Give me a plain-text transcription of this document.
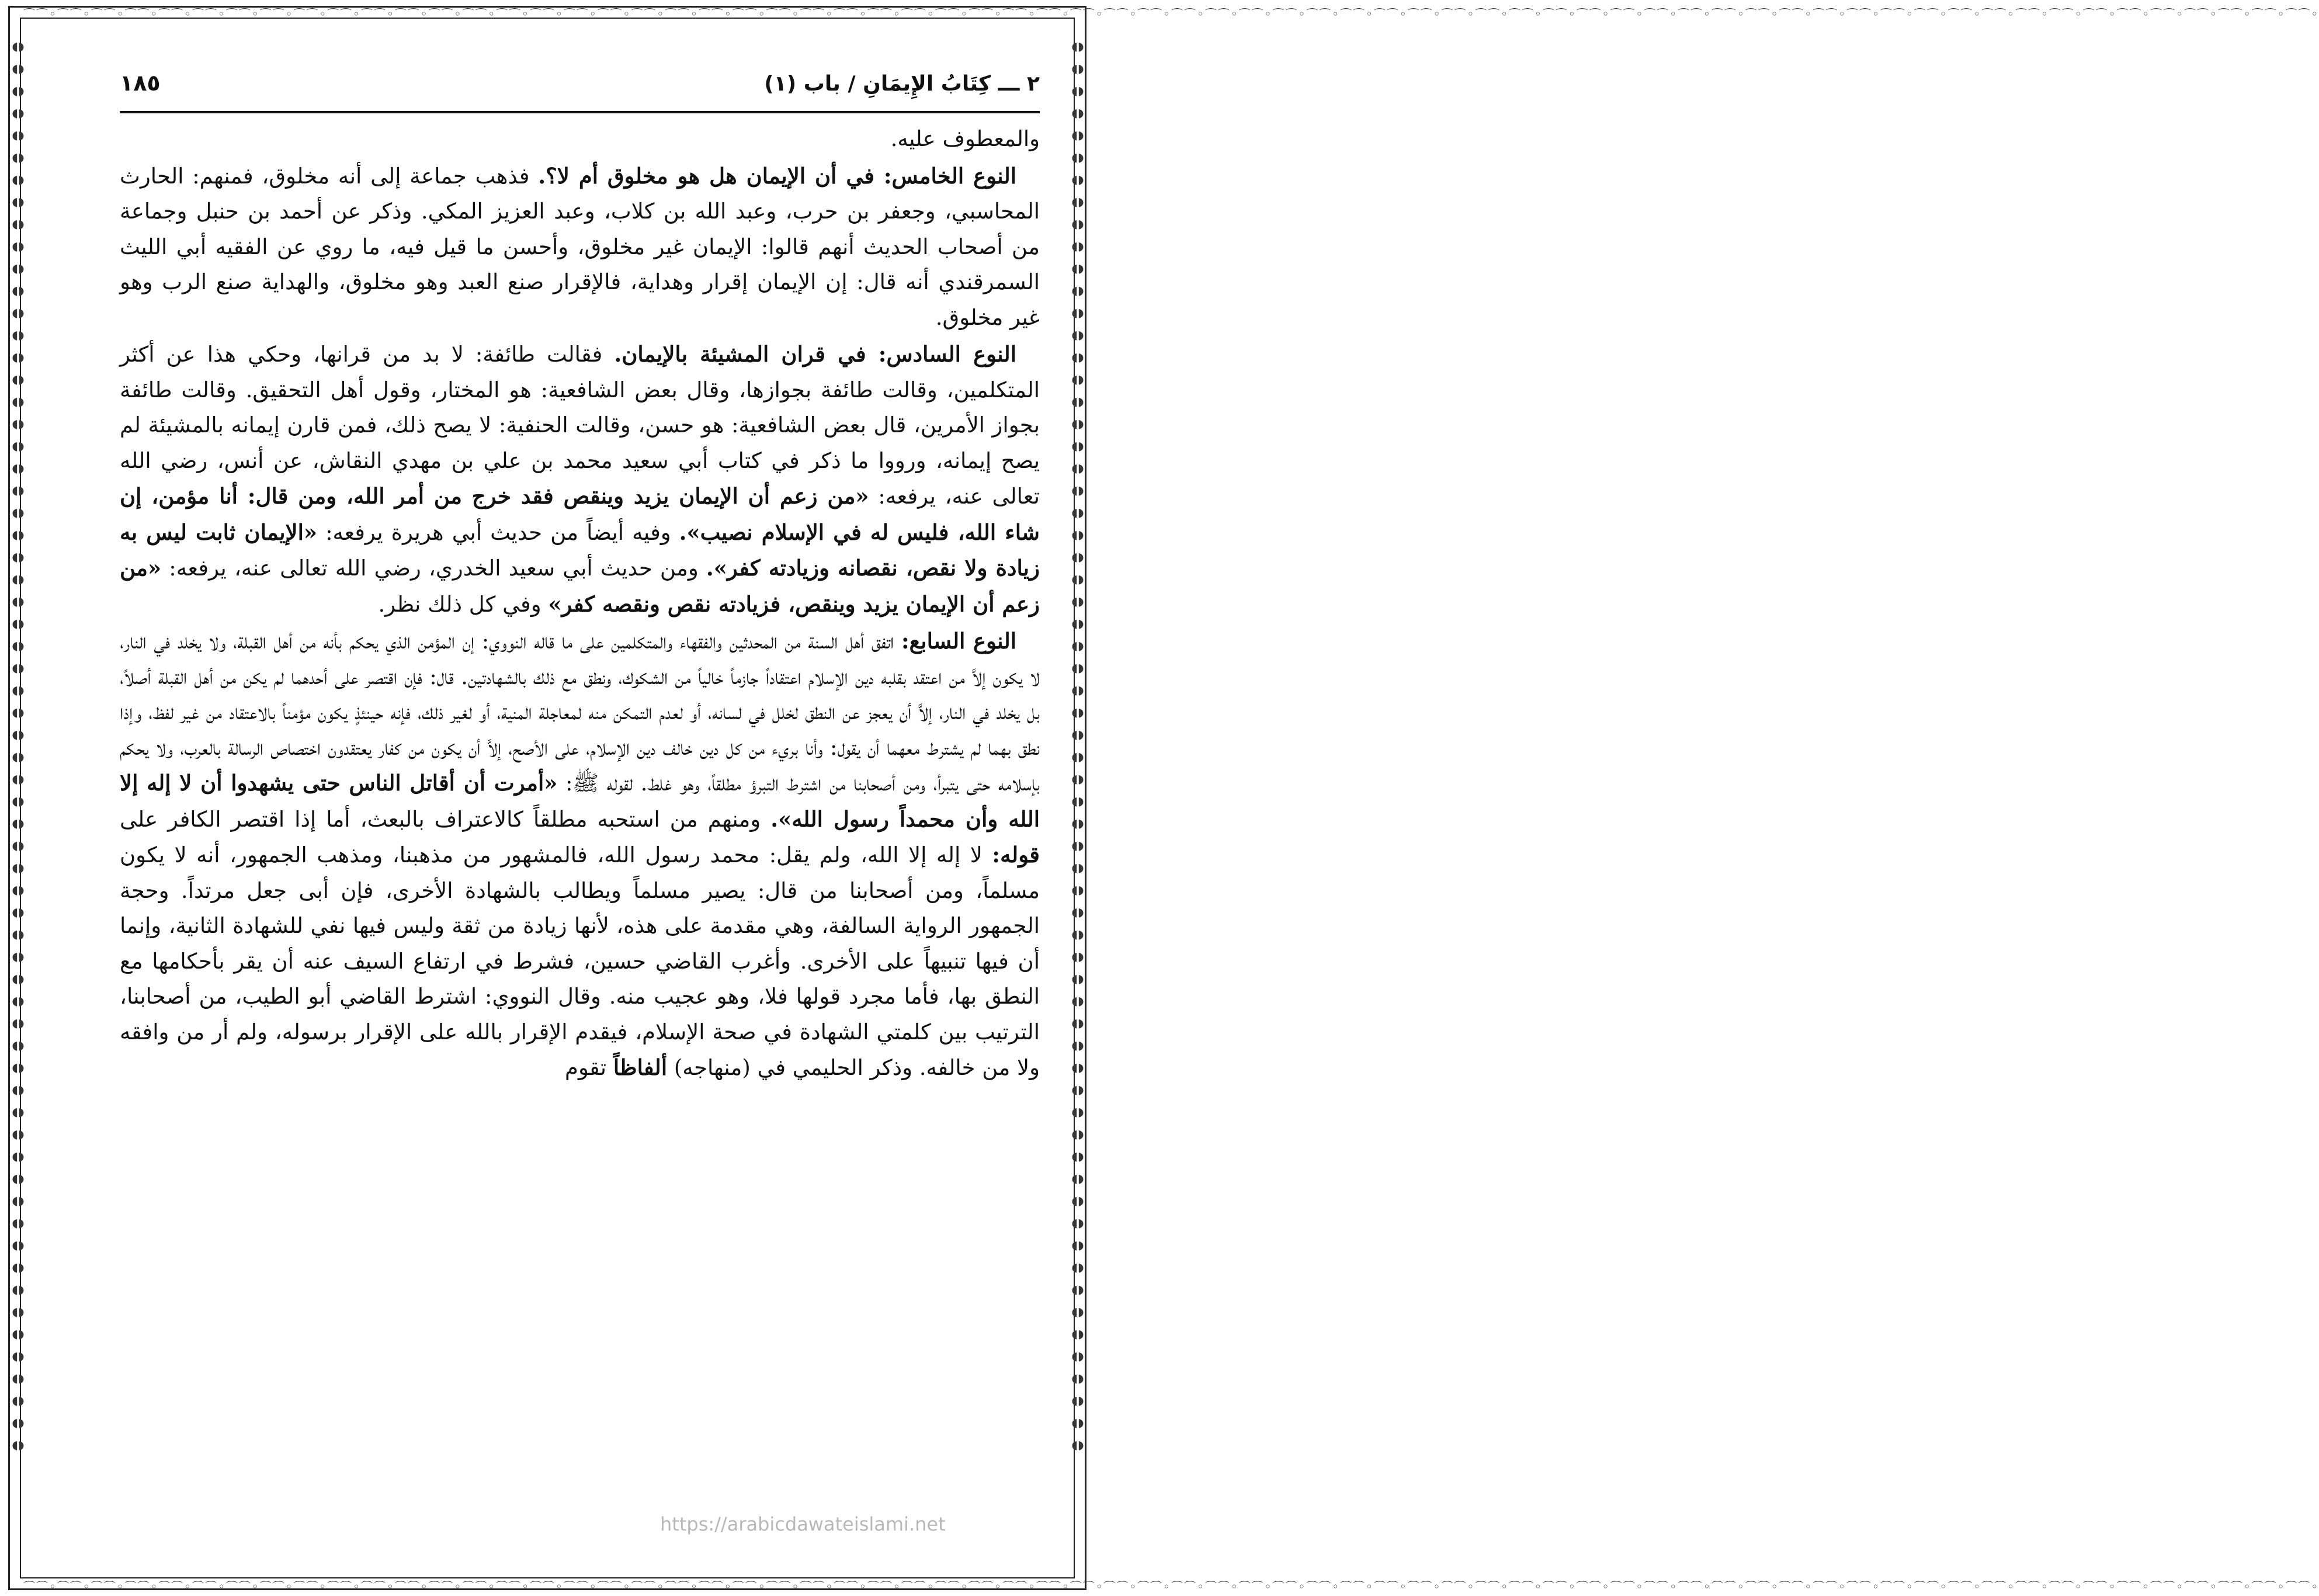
⌒⌒◦⌒⌒◦⌒⌒◦⌒⌒◦⌒⌒◦⌒⌒◦⌒⌒◦⌒⌒◦⌒⌒◦⌒⌒◦⌒⌒◦⌒⌒◦⌒⌒◦⌒⌒◦⌒⌒◦⌒⌒◦⌒⌒◦⌒⌒◦⌒⌒◦⌒⌒◦⌒⌒◦⌒⌒◦⌒⌒◦⌒⌒◦⌒⌒◦⌒⌒◦⌒⌒◦⌒⌒◦⌒⌒◦⌒⌒◦⌒⌒◦⌒⌒◦⌒⌒◦⌒⌒◦⌒⌒◦⌒⌒◦⌒⌒◦⌒⌒◦⌒⌒◦⌒⌒◦⌒⌒◦⌒⌒◦⌒⌒◦⌒⌒◦⌒⌒◦⌒⌒◦⌒⌒◦⌒⌒◦⌒⌒◦⌒⌒◦⌒⌒◦⌒⌒◦⌒⌒◦⌒⌒◦⌒⌒◦⌒⌒◦⌒⌒◦⌒⌒◦⌒⌒◦⌒⌒◦⌒⌒◦⌒⌒◦⌒⌒◦⌒⌒◦⌒⌒◦⌒⌒◦⌒⌒◦⌒⌒◦
⌒⌒◦⌒⌒◦⌒⌒◦⌒⌒◦⌒⌒◦⌒⌒◦⌒⌒◦⌒⌒◦⌒⌒◦⌒⌒◦⌒⌒◦⌒⌒◦⌒⌒◦⌒⌒◦⌒⌒◦⌒⌒◦⌒⌒◦⌒⌒◦⌒⌒◦⌒⌒◦⌒⌒◦⌒⌒◦⌒⌒◦⌒⌒◦⌒⌒◦⌒⌒◦⌒⌒◦⌒⌒◦⌒⌒◦⌒⌒◦⌒⌒◦⌒⌒◦⌒⌒◦⌒⌒◦⌒⌒◦⌒⌒◦⌒⌒◦⌒⌒◦⌒⌒◦⌒⌒◦⌒⌒◦⌒⌒◦⌒⌒◦⌒⌒◦⌒⌒◦⌒⌒◦⌒⌒◦⌒⌒◦⌒⌒◦⌒⌒◦⌒⌒◦⌒⌒◦⌒⌒◦⌒⌒◦⌒⌒◦⌒⌒◦⌒⌒◦⌒⌒◦⌒⌒◦⌒⌒◦⌒⌒◦⌒⌒◦⌒⌒◦⌒⌒◦⌒⌒◦⌒⌒◦⌒⌒◦⌒⌒◦
◖◗◖◗◖◗◖◗◖◗◖◗◖◗◖◗◖◗◖◗◖◗◖◗◖◗◖◗◖◗◖◗◖◗◖◗◖◗◖◗◖◗◖◗◖◗◖◗◖◗◖◗◖◗◖◗◖◗◖◗◖◗◖◗◖◗◖◗◖◗◖◗◖◗◖◗◖◗◖◗◖◗◖◗◖◗◖◗◖◗◖◗◖◗◖◗◖◗◖◗◖◗◖◗◖◗◖◗◖◗◖◗◖◗◖◗◖◗◖◗◖◗◖◗◖◗◖◗
◖◗◖◗◖◗◖◗◖◗◖◗◖◗◖◗◖◗◖◗◖◗◖◗◖◗◖◗◖◗◖◗◖◗◖◗◖◗◖◗◖◗◖◗◖◗◖◗◖◗◖◗◖◗◖◗◖◗◖◗◖◗◖◗◖◗◖◗◖◗◖◗◖◗◖◗◖◗◖◗◖◗◖◗◖◗◖◗◖◗◖◗◖◗◖◗◖◗◖◗◖◗◖◗◖◗◖◗◖◗◖◗◖◗◖◗◖◗◖◗◖◗◖◗◖◗◖◗
٢ ـــ كِتَابُ الإِيمَانِ / باب (١)
١٨٥

والمعطوف عليه.

النوع الخامس: في أن الإيمان هل هو مخلوق أم لا؟. فذهب جماعة إلى أنه مخلوق، فمنهم: الحارث المحاسبي، وجعفر بن حرب، وعبد الله بن كلاب، وعبد العزيز المكي. وذكر عن أحمد بن حنبل وجماعة من أصحاب الحديث أنهم قالوا: الإيمان غير مخلوق، وأحسن ما قيل فيه، ما روي عن الفقيه أبي الليث السمرقندي أنه قال: إن الإيمان إقرار وهداية، فالإقرار صنع العبد وهو مخلوق، والهداية صنع الرب وهو غير مخلوق.

النوع السادس: في قران المشيئة بالإيمان. فقالت طائفة: لا بد من قرانها، وحكي هذا عن أكثر المتكلمين، وقالت طائفة بجوازها، وقال بعض الشافعية: هو المختار، وقول أهل التحقيق. وقالت طائفة بجواز الأمرين، قال بعض الشافعية: هو حسن، وقالت الحنفية: لا يصح ذلك، فمن قارن إيمانه بالمشيئة لم يصح إيمانه، ورووا ما ذكر في كتاب أبي سعيد محمد بن علي بن مهدي النقاش، عن أنس، رضي الله تعالى عنه، يرفعه: «من زعم أن الإيمان يزيد وينقص فقد خرج من أمر الله، ومن قال: أنا مؤمن، إن شاء الله، فليس له في الإسلام نصيب». وفيه أيضاً من حديث أبي هريرة يرفعه: «الإيمان ثابت ليس به زيادة ولا نقص، نقصانه وزيادته كفر». ومن حديث أبي سعيد الخدري، رضي الله تعالى عنه، يرفعه: «من زعم أن الإيمان يزيد وينقص، فزيادته نقص ونقصه كفر» وفي كل ذلك نظر.

النوع السابع: اتفق أهل السنة من المحدثين والفقهاء والمتكلمين على ما قاله النووي: إن المؤمن الذي يحكم بأنه من أهل القبلة، ولا يخلد في النار، لا يكون إلاَّ من اعتقد بقلبه دين الإسلام اعتقاداً جازماً خالياً من الشكوك، ونطق مع ذلك بالشهادتين. قال: فإن اقتصر على أحدهما لم يكن من أهل القبلة أصلاً، بل يخلد في النار، إلاَّ أن يعجز عن النطق لخلل في لسانه، أو لعدم التمكن منه لمعاجلة المنية، أو لغير ذلك، فإنه حينئذٍ يكون مؤمناً بالاعتقاد من غير لفظ، وإذا نطق بهما لم يشترط معهما أن يقول: وأنا بريء من كل دين خالف دين الإسلام، على الأصح، إلاَّ أن يكون من كفار يعتقدون اختصاص الرسالة بالعرب، ولا يحكم بإسلامه حتى يتبرأ، ومن أصحابنا من اشترط التبرؤ مطلقاً، وهو غلط. لقوله ﷺ: «أمرت أن أقاتل الناس حتى يشهدوا أن لا إله إلا الله وأن محمداً رسول الله». ومنهم من استحبه مطلقاً كالاعتراف بالبعث، أما إذا اقتصر الكافر على قوله: لا إله إلا الله، ولم يقل: محمد رسول الله، فالمشهور من مذهبنا، ومذهب الجمهور، أنه لا يكون مسلماً، ومن أصحابنا من قال: يصير مسلماً ويطالب بالشهادة الأخرى، فإن أبى جعل مرتداً. وحجة الجمهور الرواية السالفة، وهي مقدمة على هذه، لأنها زيادة من ثقة وليس فيها نفي للشهادة الثانية، وإنما أن فيها تنبيهاً على الأخرى. وأغرب القاضي حسين، فشرط في ارتفاع السيف عنه أن يقر بأحكامها مع النطق بها، فأما مجرد قولها فلا، وهو عجيب منه. وقال النووي: اشترط القاضي أبو الطيب، من أصحابنا، الترتيب بين كلمتي الشهادة في صحة الإسلام، فيقدم الإقرار بالله على الإقرار برسوله، ولم أر من وافقه ولا من خالفه. وذكر الحليمي في (منهاجه) ألفاظاً تقوم

https://arabicdawateislami.net
